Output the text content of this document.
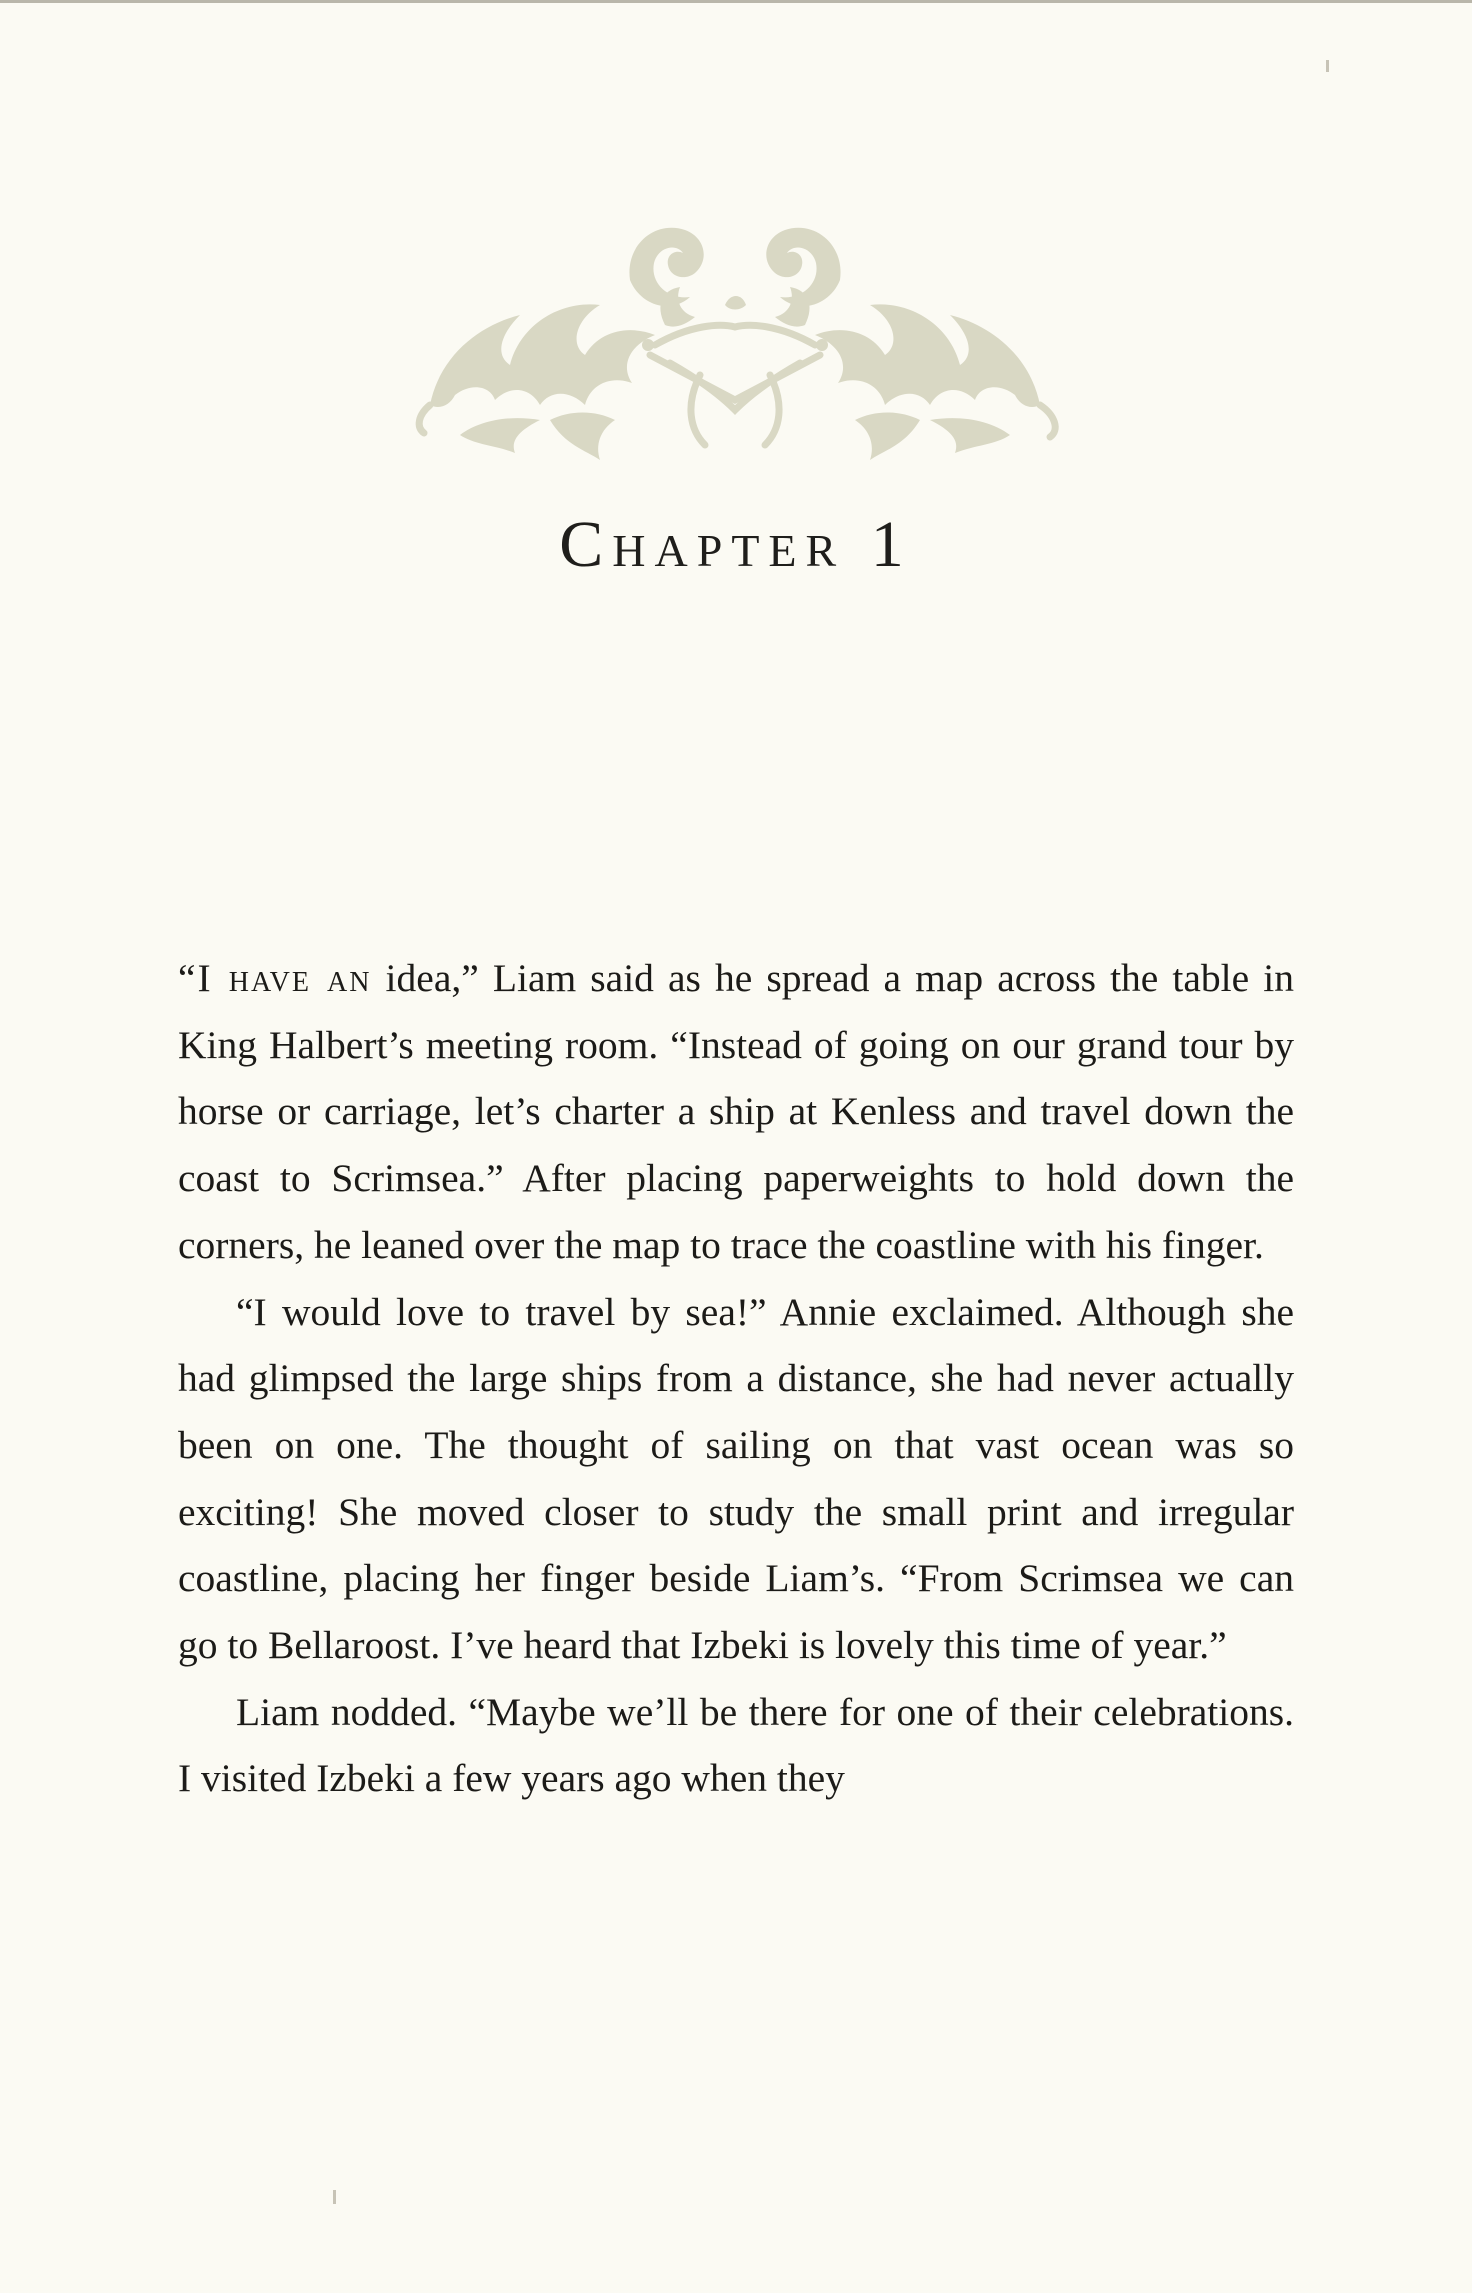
Chapter 1

“I have an idea,” Liam said as he spread a map across the table in King Halbert’s meeting room. “Instead of going on our grand tour by horse or carriage, let’s charter a ship at Kenless and travel down the coast to Scrimsea.” After placing paperweights to hold down the corners, he leaned over the map to trace the coastline with his finger.

“I would love to travel by sea!” Annie exclaimed. Although she had glimpsed the large ships from a distance, she had never actually been on one. The thought of sailing on that vast ocean was so exciting! She moved closer to study the small print and irregular coastline, placing her finger beside Liam’s. “From Scrimsea we can go to Bellaroost. I’ve heard that Izbeki is lovely this time of year.”

Liam nodded. “Maybe we’ll be there for one of their celebrations. I visited Izbeki a few years ago when they
